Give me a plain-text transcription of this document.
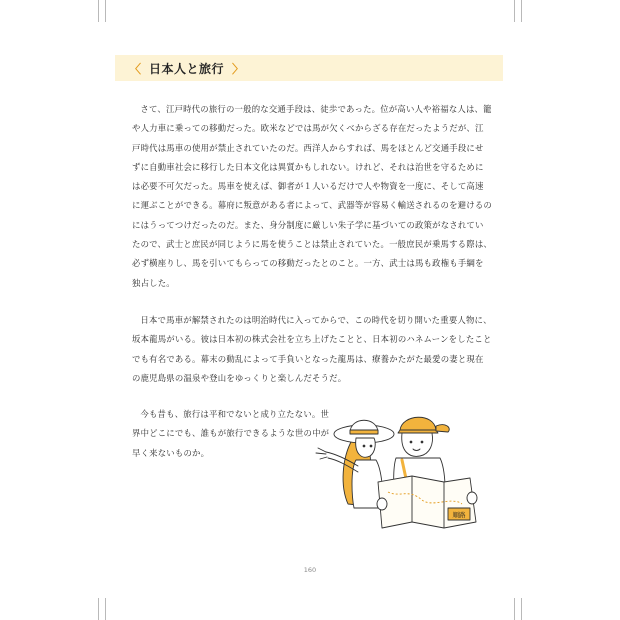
〈 日本人と旅行 〉

さて、江戸時代の旅行の一般的な交通手段は、徒歩であった。位が高い人や裕福な人は、籠や人力車に乗っての移動だった。欧米などでは馬が欠くべからざる存在だったようだが、江戸時代は馬車の使用が禁止されていたのだ。西洋人からすれば、馬をほとんど交通手段にせずに自動車社会に移行した日本文化は異質かもしれない。けれど、それは治世を守るためには必要不可欠だった。馬車を使えば、御者が１人いるだけで人や物資を一度に、そして高速に運ぶことができる。幕府に叛意がある者によって、武器等が容易く輸送されるのを避けるのにはうってつけだったのだ。また、身分制度に厳しい朱子学に基づいての政策がなされていたので、武士と庶民が同じように馬を使うことは禁止されていた。一般庶民が乗馬する際は、必ず横座りし、馬を引いてもらっての移動だったとのこと。一方、武士は馬も政権も手綱を独占した。

日本で馬車が解禁されたのは明治時代に入ってからで、この時代を切り開いた重要人物に、坂本龍馬がいる。彼は日本初の株式会社を立ち上げたことと、日本初のハネムーンをしたことでも有名である。幕末の動乱によって手負いとなった龍馬は、療養かたがた最愛の妻と現在の鹿児島県の温泉や登山をゆっくりと楽しんだそうだ。

今も昔も、旅行は平和でないと成り立たない。世界中どこにでも、誰もが旅行できるような世の中が早く来ないものか。

順路
160
